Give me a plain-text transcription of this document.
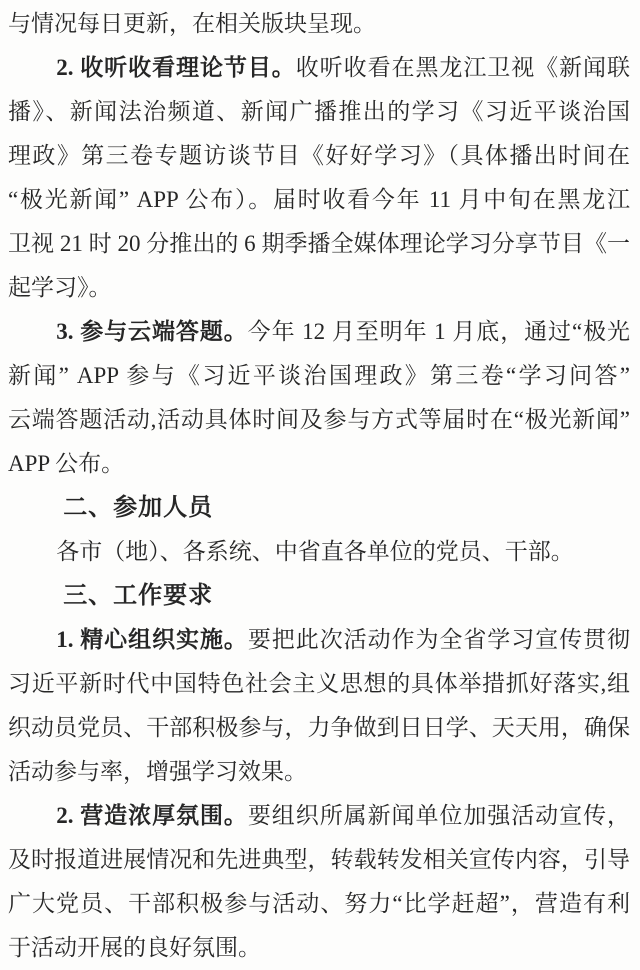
与情况每日更新，在相关版块呈现。
2. 收听收看理论节目。收听收看在黑龙江卫视《新闻联
播》、新闻法治频道、新闻广播推出的学习《习近平谈治国
理政》第三卷专题访谈节目《好好学习》（具体播出时间在
“极光新闻” APP 公布）。届时收看今年 11 月中旬在黑龙江
卫视 21 时 20 分推出的 6 期季播全媒体理论学习分享节目《一
起学习》。
3. 参与云端答题。今年 12 月至明年 1 月底，通过“极光
新闻” APP 参与《习近平谈治国理政》第三卷“学习问答”
云端答题活动,活动具体时间及参与方式等届时在“极光新闻”
APP 公布。
二、参加人员
各市（地）、各系统、中省直各单位的党员、干部。
三、工作要求
1. 精心组织实施。要把此次活动作为全省学习宣传贯彻
习近平新时代中国特色社会主义思想的具体举措抓好落实,组
织动员党员、干部积极参与，力争做到日日学、天天用，确保
活动参与率，增强学习效果。
2. 营造浓厚氛围。要组织所属新闻单位加强活动宣传，
及时报道进展情况和先进典型，转载转发相关宣传内容，引导
广大党员、干部积极参与活动、努力“比学赶超”，营造有利
于活动开展的良好氛围。
